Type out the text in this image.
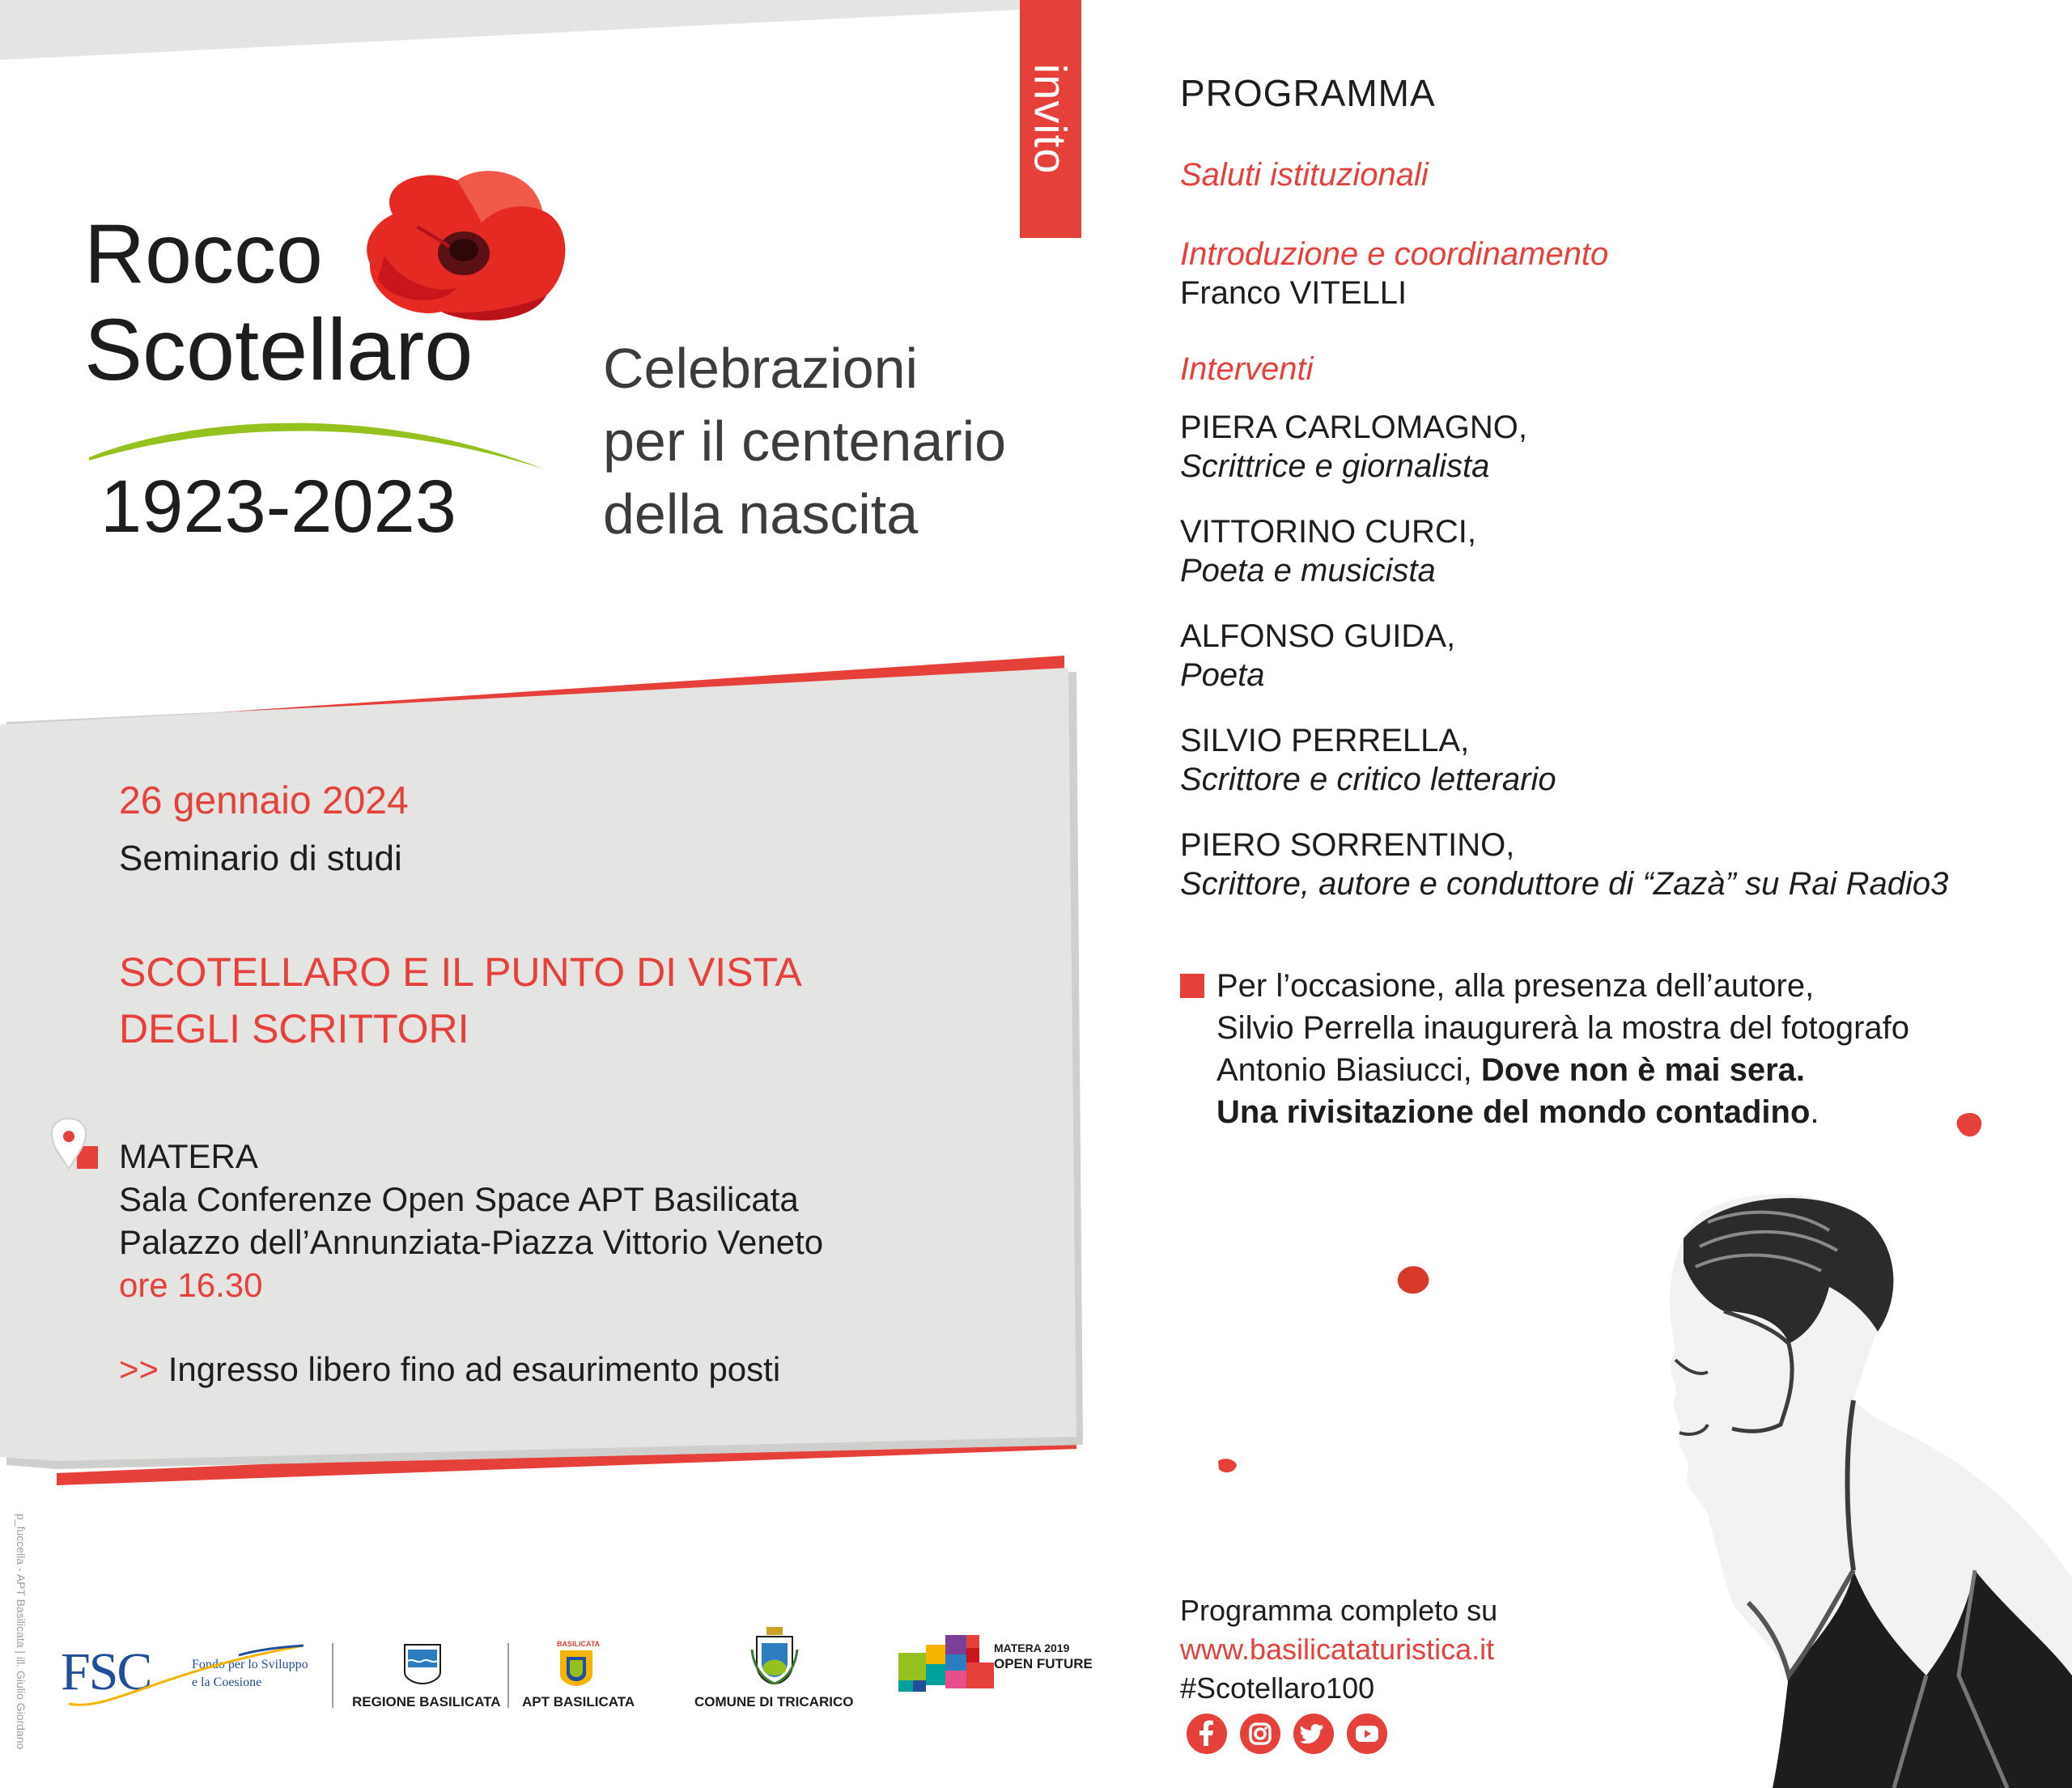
invito
Rocco
Scotellaro
1923-2023
Celebrazioni
per il centenario
della nascita
26 gennaio 2024
Seminario di studi
SCOTELLARO E IL PUNTO DI VISTA
DEGLI SCRITTORI
MATERA
Sala Conferenze Open Space APT Basilicata
Palazzo dell’Annunziata-Piazza Vittorio Veneto
ore 16.30
>> Ingresso libero fino ad esaurimento posti
p_fuccella - APT Basilicata | ill. Giulio Giordano FSC	Fondo per lo Sviluppo
e la Coesione
REGIONE BASILICATA
BASILICATA
APT BASILICATA	COMUNE DI TRICARICO
MATERA 2019
OPEN FUTURE
PROGRAMMA
Saluti istituzionali
Introduzione e coordinamento
Franco VITELLI
Interventi
PIERA CARLOMAGNO,
Scrittrice e giornalista
VITTORINO CURCI,
Poeta e musicista
ALFONSO GUIDA,
Poeta
SILVIO PERRELLA,
Scrittore e critico letterario
PIERO SORRENTINO,
Scrittore, autore e conduttore di “Zazà” su Rai Radio3
Per l’occasione, alla presenza dell’autore,
Silvio Perrella inaugurerà la mostra del fotografo
Antonio Biasiucci, Dove non è mai sera.
Una rivisitazione del mondo contadino.
Programma completo su
www.basilicataturistica.it
#Scotellaro100
